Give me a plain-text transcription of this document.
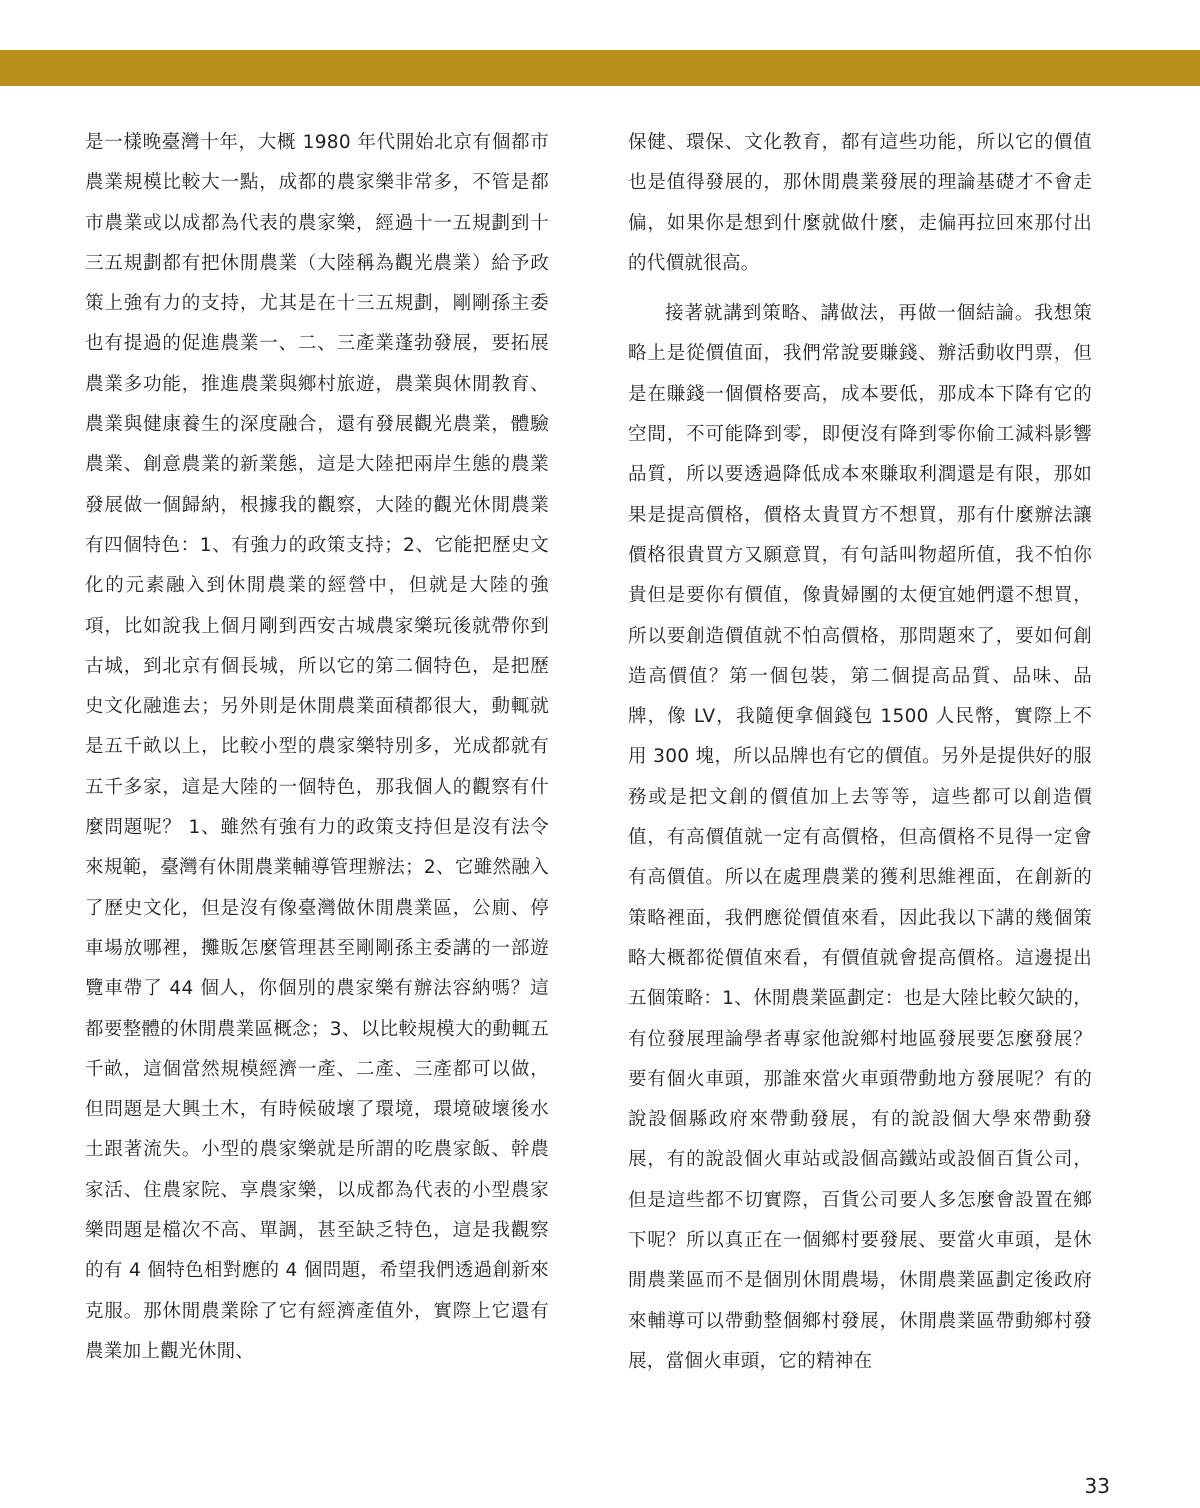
是一樣晚臺灣十年，大概 1980 年代開始北京有個都市農業規模比較大一點，成都的農家樂非常多，不管是都市農業或以成都為代表的農家樂，經過十一五規劃到十三五規劃都有把休閒農業（大陸稱為觀光農業）給予政策上強有力的支持，尤其是在十三五規劃，剛剛孫主委也有提過的促進農業一、二、三產業蓬勃發展，要拓展農業多功能，推進農業與鄉村旅遊，農業與休閒教育、農業與健康養生的深度融合，還有發展觀光農業，體驗農業、創意農業的新業態，這是大陸把兩岸生態的農業發展做一個歸納，根據我的觀察，大陸的觀光休閒農業有四個特色：1、有強力的政策支持；2、它能把歷史文化的元素融入到休閒農業的經營中，但就是大陸的強項，比如說我上個月剛到西安古城農家樂玩後就帶你到古城，到北京有個長城，所以它的第二個特色，是把歷史文化融進去；另外則是休閒農業面積都很大，動輒就是五千畝以上，比較小型的農家樂特別多，光成都就有五千多家，這是大陸的一個特色，那我個人的觀察有什麼問題呢？ 1、雖然有強有力的政策支持但是沒有法令來規範，臺灣有休閒農業輔導管理辦法；2、它雖然融入了歷史文化，但是沒有像臺灣做休閒農業區，公廁、停車場放哪裡，攤販怎麼管理甚至剛剛孫主委講的一部遊覽車帶了 44 個人，你個別的農家樂有辦法容納嗎？這都要整體的休閒農業區概念；3、以比較規模大的動輒五千畝，這個當然規模經濟一產、二產、三產都可以做，但問題是大興土木，有時候破壞了環境，環境破壞後水土跟著流失。小型的農家樂就是所謂的吃農家飯、幹農家活、住農家院、享農家樂，以成都為代表的小型農家樂問題是檔次不高、單調，甚至缺乏特色，這是我觀察的有 4 個特色相對應的 4 個問題，希望我們透過創新來克服。那休閒農業除了它有經濟產值外，實際上它還有農業加上觀光休閒、

保健、環保、文化教育，都有這些功能，所以它的價值也是值得發展的，那休閒農業發展的理論基礎才不會走偏，如果你是想到什麼就做什麼，走偏再拉回來那付出的代價就很高。

接著就講到策略、講做法，再做一個結論。我想策略上是從價值面，我們常說要賺錢、辦活動收門票，但是在賺錢一個價格要高，成本要低，那成本下降有它的空間，不可能降到零，即便沒有降到零你偷工減料影響品質，所以要透過降低成本來賺取利潤還是有限，那如果是提高價格，價格太貴買方不想買，那有什麼辦法讓價格很貴買方又願意買，有句話叫物超所值，我不怕你貴但是要你有價值，像貴婦團的太便宜她們還不想買，所以要創造價值就不怕高價格，那問題來了，要如何創造高價值？第一個包裝，第二個提高品質、品味、品牌，像 LV，我隨便拿個錢包 1500 人民幣，實際上不用 300 塊，所以品牌也有它的價值。另外是提供好的服務或是把文創的價值加上去等等，這些都可以創造價值，有高價值就一定有高價格，但高價格不見得一定會有高價值。所以在處理農業的獲利思維裡面，在創新的策略裡面，我們應從價值來看，因此我以下講的幾個策略大概都從價值來看，有價值就會提高價格。這邊提出五個策略：1、休閒農業區劃定：也是大陸比較欠缺的，有位發展理論學者專家他說鄉村地區發展要怎麼發展？要有個火車頭，那誰來當火車頭帶動地方發展呢？有的說設個縣政府來帶動發展，有的說設個大學來帶動發展，有的說設個火車站或設個高鐵站或設個百貨公司，但是這些都不切實際，百貨公司要人多怎麼會設置在鄉下呢？所以真正在一個鄉村要發展、要當火車頭，是休閒農業區而不是個別休閒農場，休閒農業區劃定後政府來輔導可以帶動整個鄉村發展，休閒農業區帶動鄉村發展，當個火車頭，它的精神在

33
